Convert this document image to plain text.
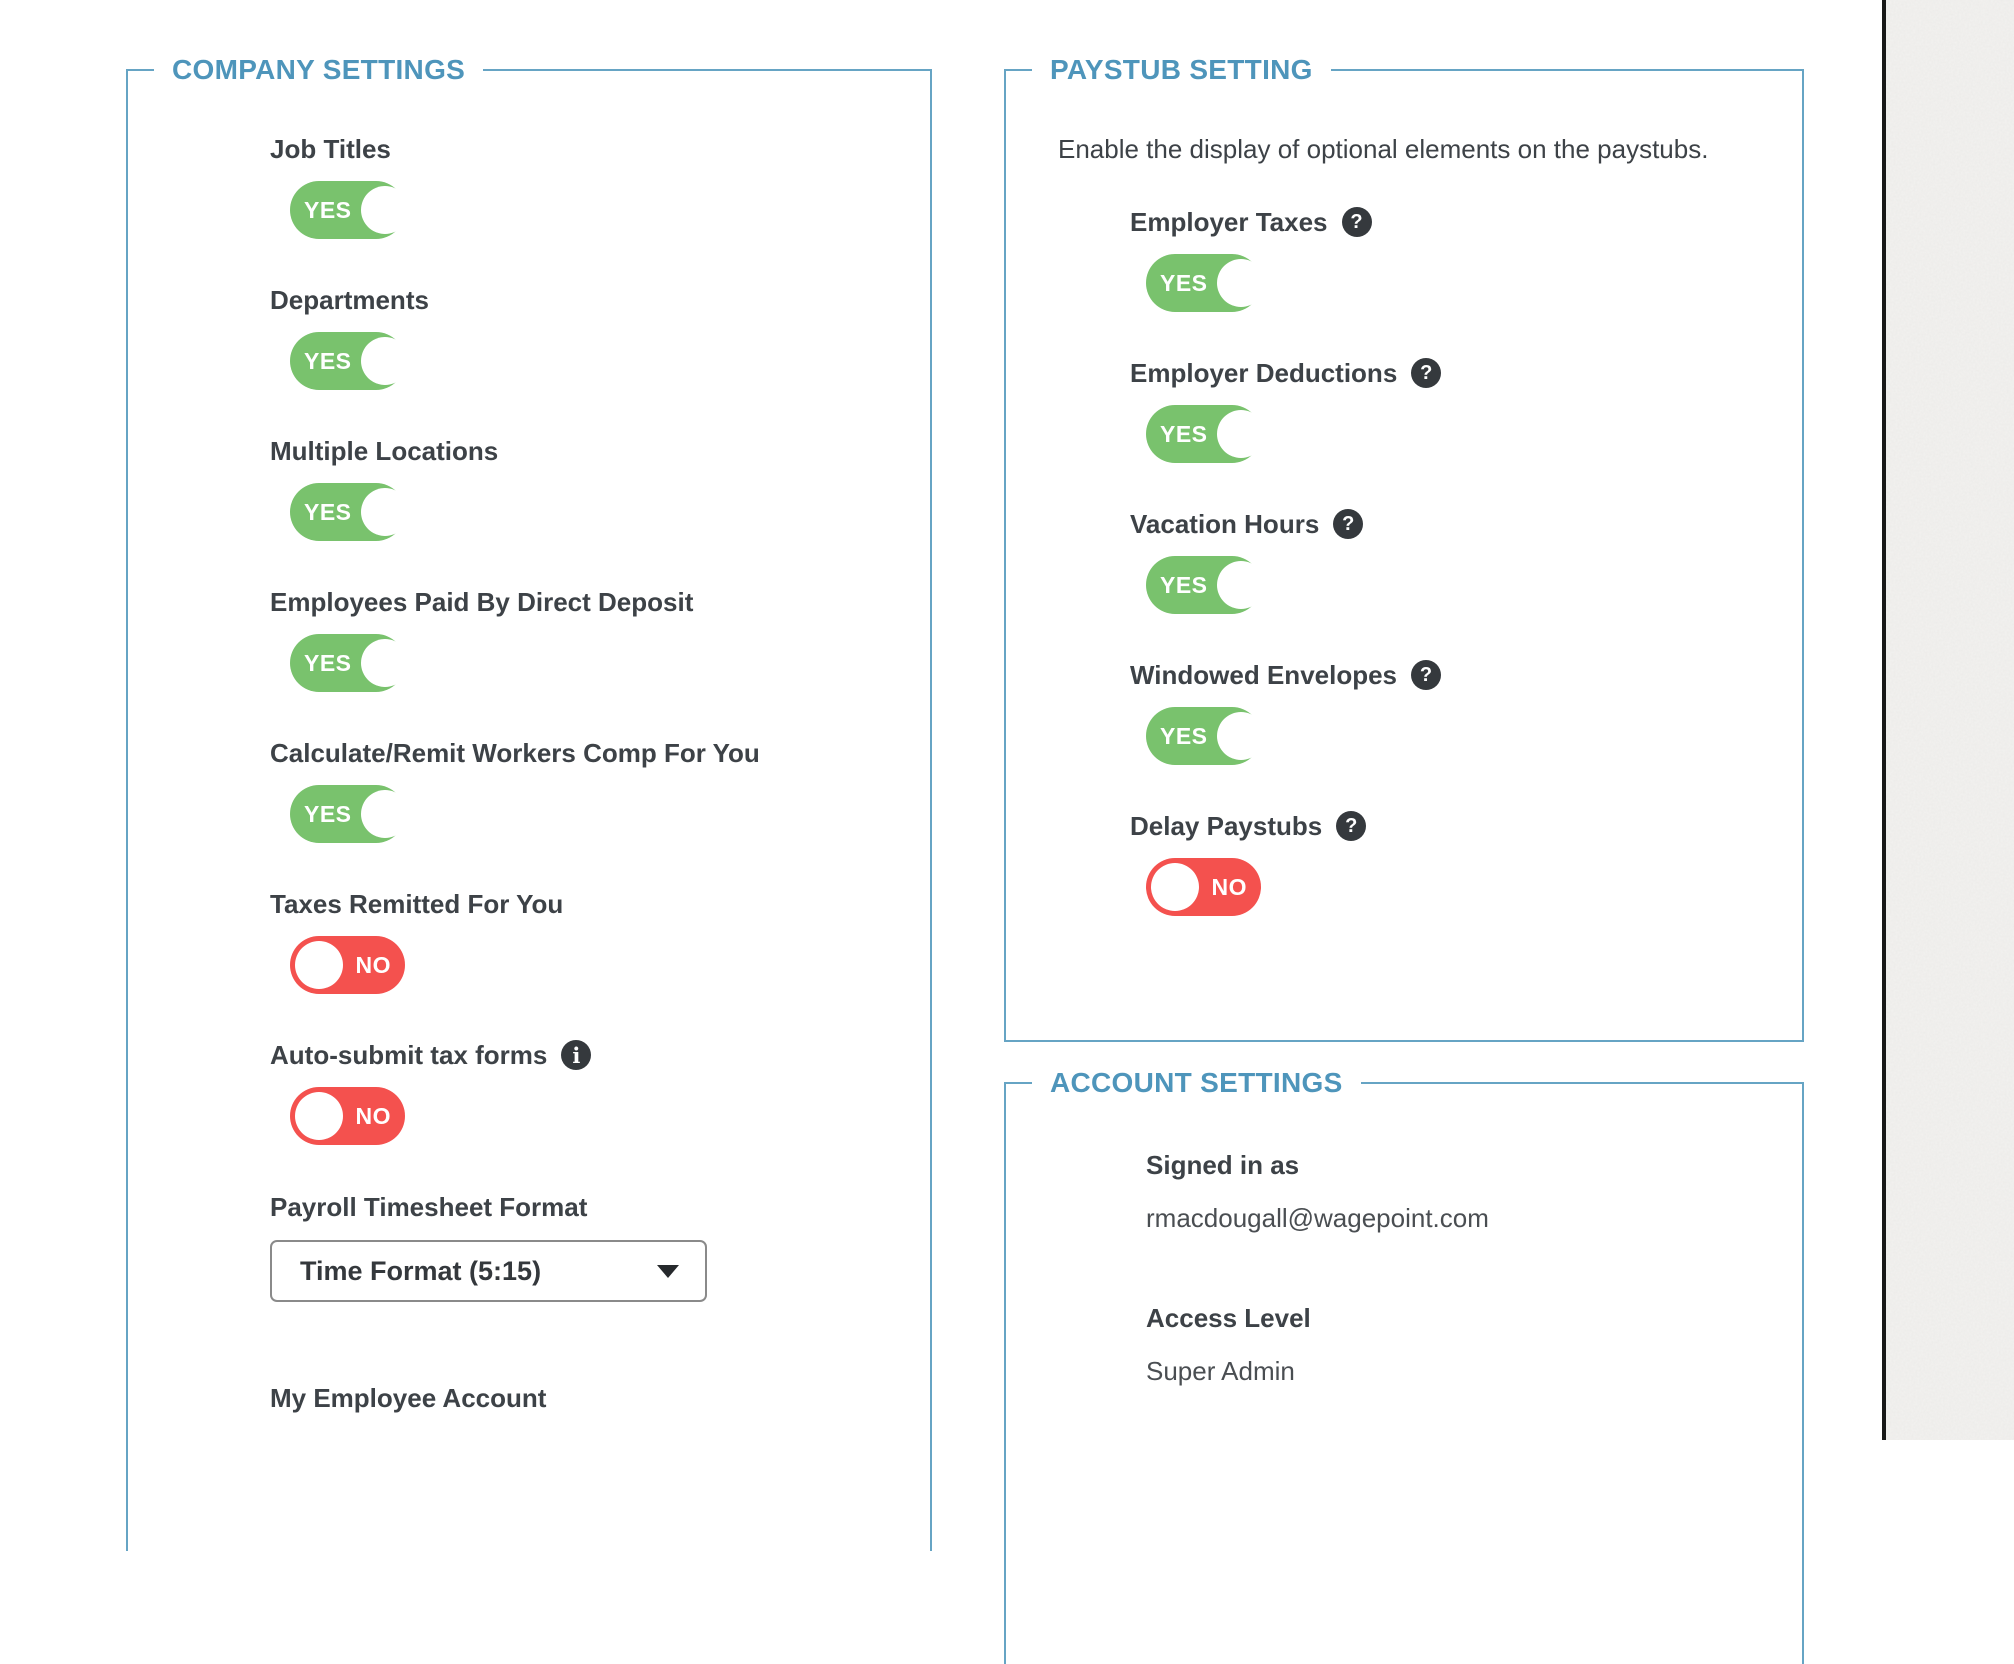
COMPANY SETTINGS
Job Titles
YES
Departments
YES
Multiple Locations
YES
Employees Paid By Direct Deposit
YES
Calculate/Remit Workers Comp For You
YES
Taxes Remitted For You
NO
Auto-submit tax forms	i
NO
Payroll Timesheet Format
Time Format (5:15)
My Employee Account
PAYSTUB SETTING

Enable the display of optional elements on the paystubs.

Employer Taxes	?
YES
Employer Deductions	?
YES
Vacation Hours	?
YES
Windowed Envelopes	?
YES
Delay Paystubs	?
NO
ACCOUNT SETTINGS
Signed in as
rmacdougall@wagepoint.com
Access Level
Super Admin
